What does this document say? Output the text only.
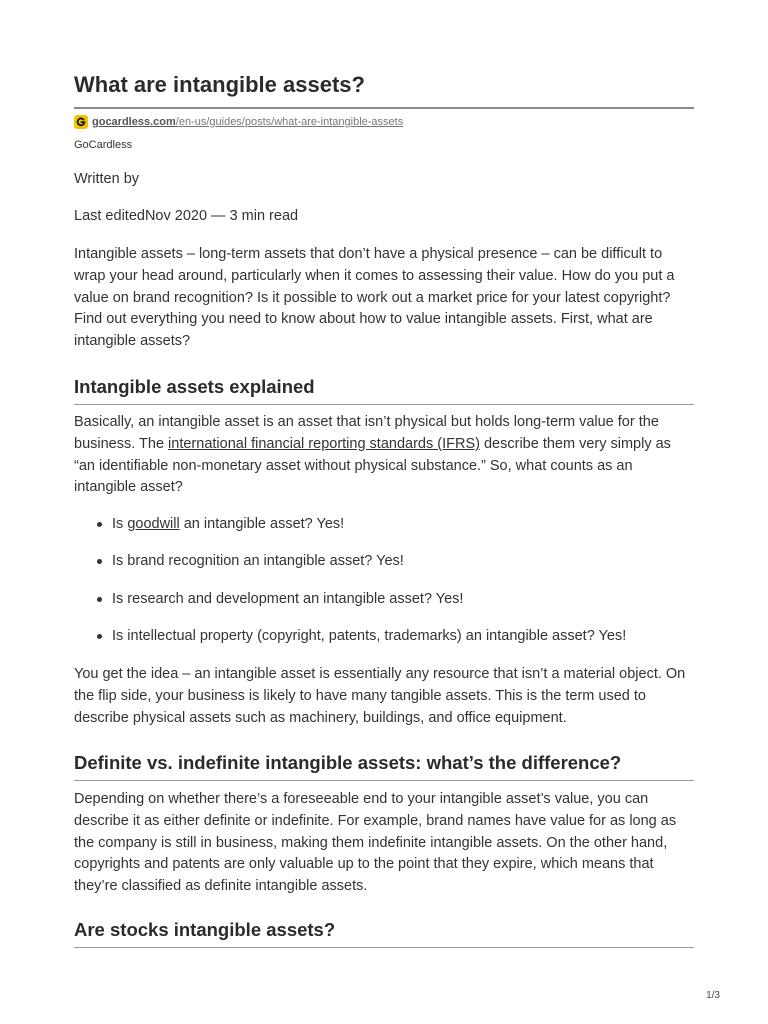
What are intangible assets?
gocardless.com /en-us/guides/posts/what-are-intangible-assets
GoCardless
Written by
Last editedNov 2020 — 3 min read

Intangible assets – long-term assets that don’t have a physical presence – can be difficult to wrap your head around, particularly when it comes to assessing their value. How do you put a value on brand recognition? Is it possible to work out a market price for your latest copyright? Find out everything you need to know about how to value intangible assets. First, what are intangible assets?

Intangible assets explained

Basically, an intangible asset is an asset that isn’t physical but holds long-term value for the business. The international financial reporting standards (IFRS) describe them very simply as “an identifiable non-monetary asset without physical substance.” So, what counts as an intangible asset?

Is goodwill an intangible asset? Yes!
Is brand recognition an intangible asset? Yes!
Is research and development an intangible asset? Yes!
Is intellectual property (copyright, patents, trademarks) an intangible asset? Yes!

You get the idea – an intangible asset is essentially any resource that isn’t a material object. On the flip side, your business is likely to have many tangible assets. This is the term used to describe physical assets such as machinery, buildings, and office equipment.

Definite vs. indefinite intangible assets: what’s the difference?

Depending on whether there’s a foreseeable end to your intangible asset’s value, you can describe it as either definite or indefinite. For example, brand names have value for as long as the company is still in business, making them indefinite intangible assets. On the other hand, copyrights and patents are only valuable up to the point that they expire, which means that they’re classified as definite intangible assets.

Are stocks intangible assets?
1/3
